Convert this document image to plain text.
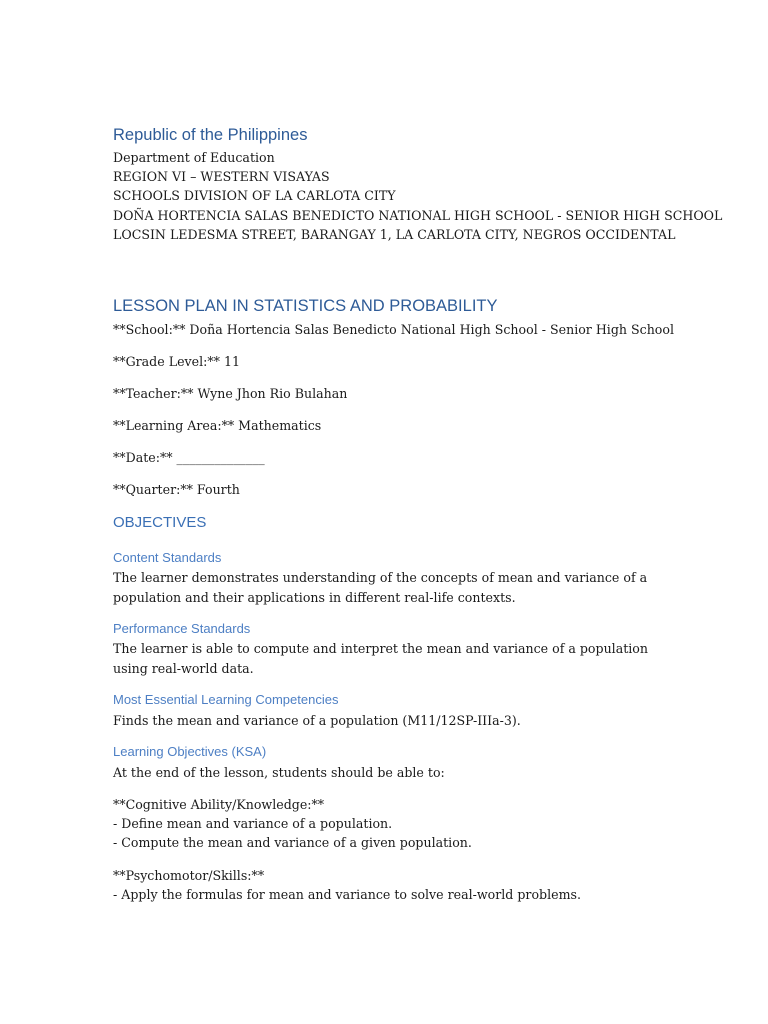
Republic of the Philippines

Department of Education

REGION VI – WESTERN VISAYAS

SCHOOLS DIVISION OF LA CARLOTA CITY

DOÑA HORTENCIA SALAS BENEDICTO NATIONAL HIGH SCHOOL - SENIOR HIGH SCHOOL

LOCSIN LEDESMA STREET, BARANGAY 1, LA CARLOTA CITY, NEGROS OCCIDENTAL

LESSON PLAN IN STATISTICS AND PROBABILITY

**School:** Doña Hortencia Salas Benedicto National High School - Senior High School

**Grade Level:** 11

**Teacher:** Wyne Jhon Rio Bulahan

**Learning Area:** Mathematics

**Date:** ______________

**Quarter:** Fourth

OBJECTIVES
Content Standards

The learner demonstrates understanding of the concepts of mean and variance of a population and their applications in different real-life contexts.

Performance Standards

The learner is able to compute and interpret the mean and variance of a population using real-world data.

Most Essential Learning Competencies

Finds the mean and variance of a population (M11/12SP-IIIa-3).

Learning Objectives (KSA)

At the end of the lesson, students should be able to:

**Cognitive Ability/Knowledge:**

- Define mean and variance of a population.

- Compute the mean and variance of a given population.

**Psychomotor/Skills:**

- Apply the formulas for mean and variance to solve real-world problems.
